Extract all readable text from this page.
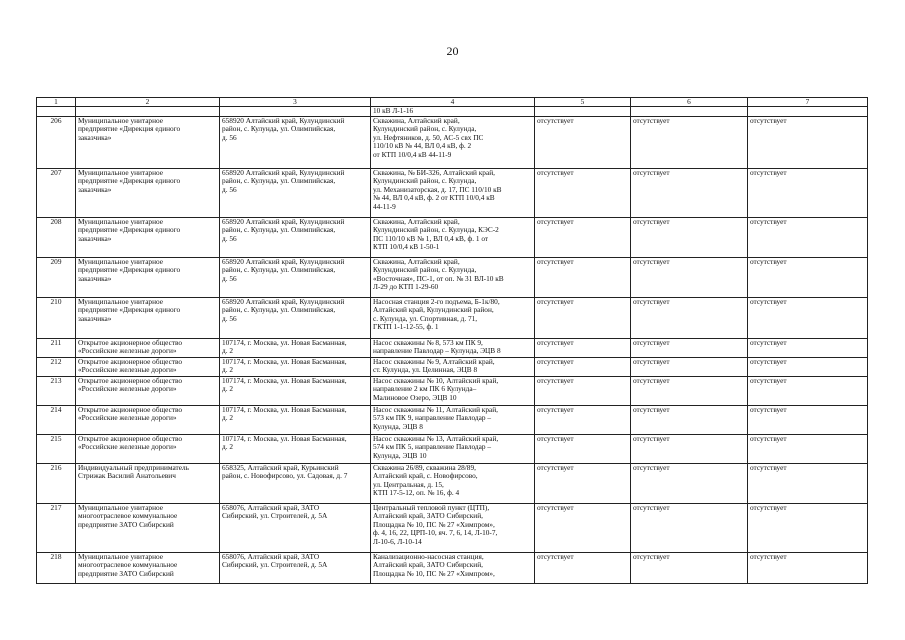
20
1	2	3	4	5	6	7

			10 кВ Л-1-16			

206	Муниципальное унитарное
предприятие «Дирекция единого
заказчика»	658920 Алтайский край, Кулундинский
район, с. Кулунда, ул. Олимпийская,
д. 56	Скважина, Алтайский край,
Кулундинский район, с. Кулунда,
ул. Нефтяников, д. 50, АС-5 свх ПС
110/10 кВ № 44, ВЛ 0,4 кВ, ф. 2
от КТП 10/0,4 кВ 44-11-9	отсутствует	отсутствует	отсутствует
207	Муниципальное унитарное
предприятие «Дирекция единого
заказчика»	658920 Алтайский край, Кулундинский
район, с. Кулунда, ул. Олимпийская,
д. 56	Скважина, № БИ-326, Алтайский край,
Кулундинский район, с. Кулунда,
ул. Механизаторская, д. 17, ПС 110/10 кВ
№ 44, ВЛ 0,4 кВ, ф. 2 от КТП 10/0,4 кВ
44-11-9	отсутствует	отсутствует	отсутствует
208	Муниципальное унитарное
предприятие «Дирекция единого
заказчика»	658920 Алтайский край, Кулундинский
район, с. Кулунда, ул. Олимпийская,
д. 56	Скважина, Алтайский край,
Кулундинский район, с. Кулунда, КЭС-2
ПС 110/10 кВ № 1, ВЛ 0,4 кВ, ф. 1 от
КТП 10/0,4 кВ 1-50-1	отсутствует	отсутствует	отсутствует
209	Муниципальное унитарное
предприятие «Дирекция единого
заказчика»	658920 Алтайский край, Кулундинский
район, с. Кулунда, ул. Олимпийская,
д. 56	Скважина, Алтайский край,
Кулундинский район, с. Кулунда,
«Восточная», ПС-1, от оп. № 31 ВЛ-10 кВ
Л-29 до КТП 1-29-60	отсутствует	отсутствует	отсутствует
210	Муниципальное унитарное
предприятие «Дирекция единого
заказчика»	658920 Алтайский край, Кулундинский
район, с. Кулунда, ул. Олимпийская,
д. 56	Насосная станция 2-го подъема, Б-1к/80,
Алтайский край, Кулундинский район,
с. Кулунда, ул. Спортивная, д. 71,
ГКТП 1-1-12-55, ф. 1	отсутствует	отсутствует	отсутствует
211	Открытое акционерное общество
«Российские железные дороги»	107174, г. Москва, ул. Новая Басманная,
д. 2	Насос скважины № 8, 573 км ПК 9,
направление Павлодар – Кулунда, ЭЦВ 8	отсутствует	отсутствует	отсутствует
212	Открытое акционерное общество
«Российские железные дороги»	107174, г. Москва, ул. Новая Басманная,
д. 2	Насос скважины № 9, Алтайский край,
ст. Кулунда, ул. Целинная, ЭЦВ 8	отсутствует	отсутствует	отсутствует
213	Открытое акционерное общество
«Российские железные дороги»	107174, г. Москва, ул. Новая Басманная,
д. 2	Насос скважины № 10, Алтайский край,
направление 2 км ПК 6 Кулунда–
Малиновое Озеро, ЭЦВ 10	отсутствует	отсутствует	отсутствует
214	Открытое акционерное общество
«Российские железные дороги»	107174, г. Москва, ул. Новая Басманная,
д. 2	Насос скважины № 11, Алтайский край,
573 км ПК 9, направление Павлодар –
Кулунда, ЭЦВ 8	отсутствует	отсутствует	отсутствует
215	Открытое акционерное общество
«Российские железные дороги»	107174, г. Москва, ул. Новая Басманная,
д. 2	Насос скважины № 13, Алтайский край,
574 км ПК 5, направление Павлодар –
Кулунда, ЭЦВ 10	отсутствует	отсутствует	отсутствует
216	Индивидуальный предприниматель
Стрижак Василий Анатольевич	658325, Алтайский край, Курьинский
район, с. Новофирсово, ул. Садовая, д. 7	Скважина 26/89, скважина 28/89,
Алтайский край, с. Новофирсово,
ул. Центральная, д. 15,
КТП 17-5-12, оп. № 16, ф. 4	отсутствует	отсутствует	отсутствует
217	Муниципальное унитарное
многоотраслевое коммунальное
предприятие ЗАТО Сибирский	658076, Алтайский край, ЗАТО
Сибирский, ул. Строителей, д. 5А	Центральный тепловой пункт (ЦТП),
Алтайский край, ЗАТО Сибирский,
Площадка № 10, ПС № 27 «Химпром»,
ф. 4, 16, 22, ЦРП-10, яч. 7, 6, 14, Л-10-7,
Л-10-6, Л-10-14	отсутствует	отсутствует	отсутствует
218	Муниципальное унитарное
многоотраслевое коммунальное
предприятие ЗАТО Сибирский	658076, Алтайский край, ЗАТО
Сибирский, ул. Строителей, д. 5А	Канализационно-насосная станция,
Алтайский край, ЗАТО Сибирский,
Площадка № 10, ПС № 27 «Химпром»,	отсутствует	отсутствует	отсутствует
